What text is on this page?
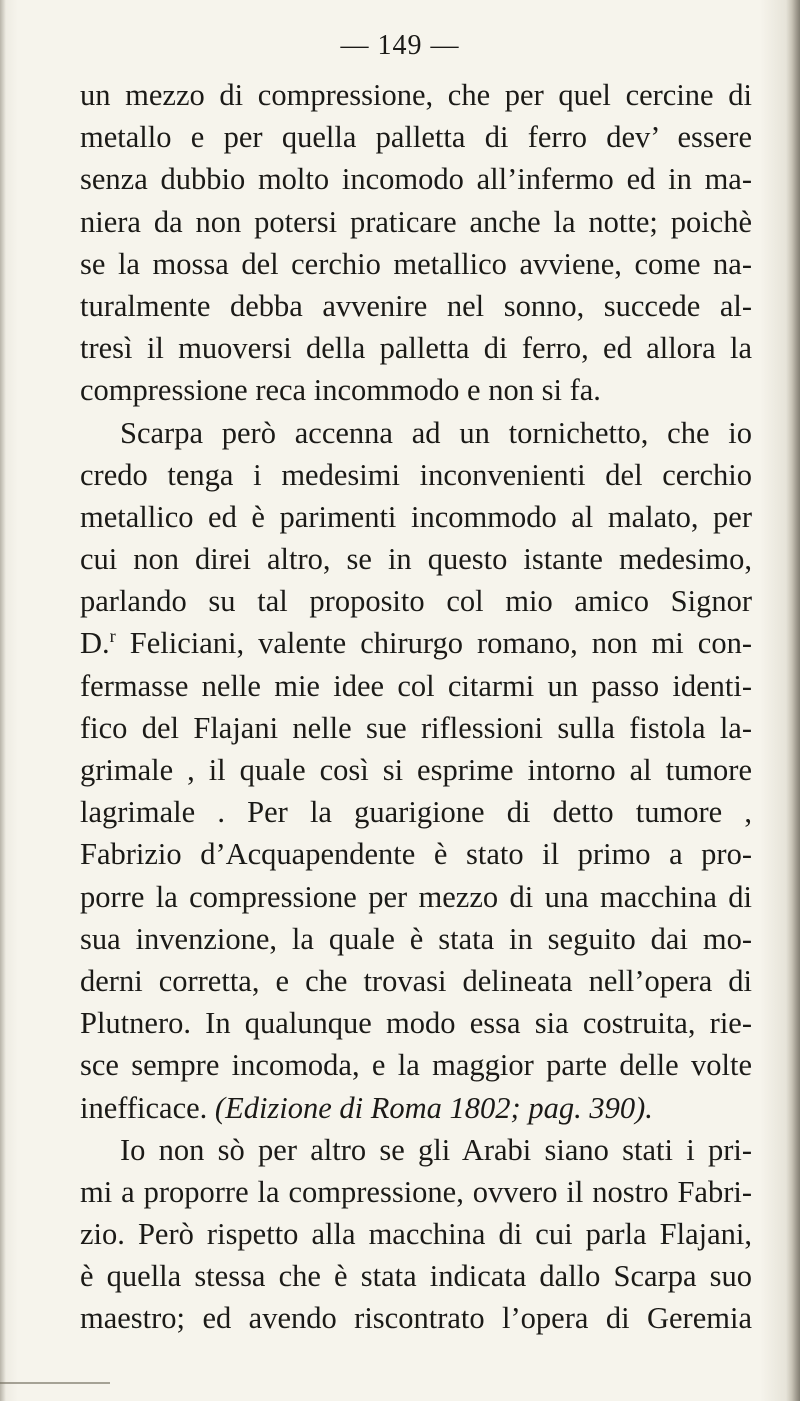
— 149 —
un mezzo di compressione, che per quel cercine di
metallo e per quella palletta di ferro dev’ essere
senza dubbio molto incomodo all’infermo ed in ma-
niera da non potersi praticare anche la notte; poichè
se la mossa del cerchio metallico avviene, come na-
turalmente debba avvenire nel sonno, succede al-
tresì il muoversi della palletta di ferro, ed allora la
compressione reca incommodo e non si fa.
Scarpa però accenna ad un tornichetto, che io
credo tenga i medesimi inconvenienti del cerchio
metallico ed è parimenti incommodo al malato, per
cui non direi altro, se in questo istante medesimo,
parlando su tal proposito col mio amico Signor
D.$^r$ Feliciani, valente chirurgo romano, non mi con-
fermasse nelle mie idee col citarmi un passo identi-
fico del Flajani nelle sue riflessioni sulla fistola la-
grimale , il quale così si esprime intorno al tumore
lagrimale . Per la guarigione di detto tumore ,
Fabrizio d’Acquapendente è stato il primo a pro-
porre la compressione per mezzo di una macchina di
sua invenzione, la quale è stata in seguito dai mo-
derni corretta, e che trovasi delineata nell’opera di
Plutnero. In qualunque modo essa sia costruita, rie-
sce sempre incomoda, e la maggior parte delle volte
inefficace. (Edizione di Roma 1802; pag. 390).
Io non sò per altro se gli Arabi siano stati i pri-
mi a proporre la compressione, ovvero il nostro Fabri-
zio. Però rispetto alla macchina di cui parla Flajani,
è quella stessa che è stata indicata dallo Scarpa suo
maestro; ed avendo riscontrato l’opera di Geremia
